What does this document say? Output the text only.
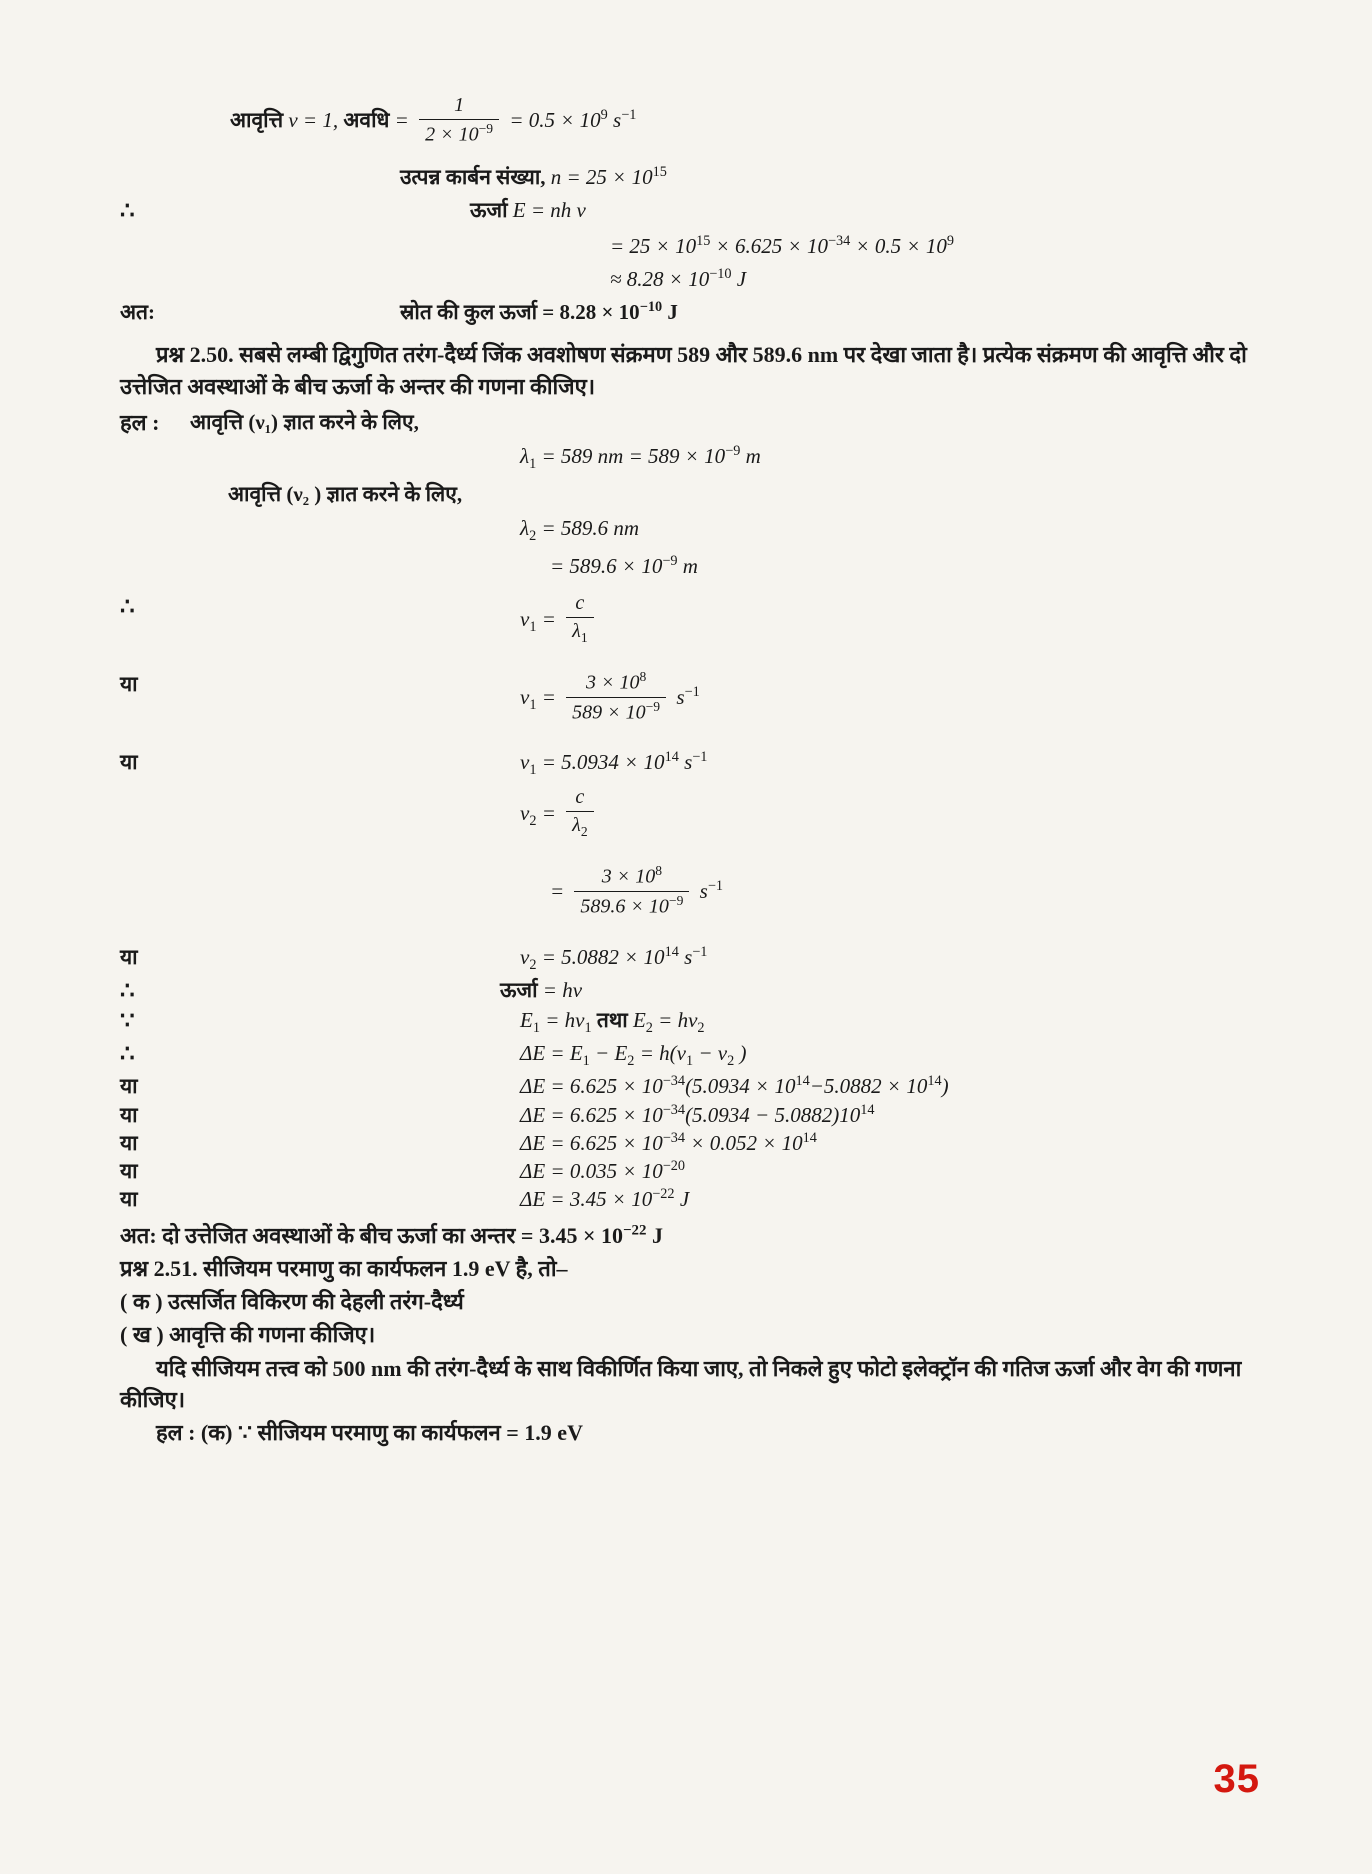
आवृत्ति ν = 1, अवधि = $\frac{1}{2 \times 10^{-9}} = 0.5 \times 10^9$ $s^{-1}$
उत्पन्न कार्बन संख्या, $n = 25 \times 10^{15}$
∴	ऊर्जा E = nh ν
= $25 \times 10^{15} \times 6.625 \times 10^{-34} \times 0.5 \times 10^9$
≈ $8.28 \times 10^{-10}$ J
अत:	स्रोत की कुल ऊर्जा = $8.28 \times 10^{-10}$ J
प्रश्न 2.50. सबसे लम्बी द्विगुणित तरंग-दैर्ध्य जिंक अवशोषण संक्रमण 589 और 589.6 nm पर देखा जाता है। प्रत्येक संक्रमण की आवृत्ति और दो उत्तेजित अवस्थाओं के बीच ऊर्जा के अन्तर की गणना कीजिए।
हल :	आवृत्ति (ν₁) ज्ञात करने के लिए,
$\lambda_1 = 589$ nm = $589 \times 10^{-9}$ m
आवृत्ति (ν₂ ) ज्ञात करने के लिए,
$\lambda_2 = 589.6$ nm
= $589.6 \times 10^{-9}$ m
∴	$\nu_1 = \frac{c}{\lambda_1}$
या
$\nu_1 = \frac{3 \times 10^8}{589 \times 10^{-9}} s^{-1}$
या	$\nu_1 = 5.0934 \times 10^{14}$ $s^{-1}$
$\nu_2 = \frac{c}{\lambda_2}$
= $\frac{3 \times 10^8}{589.6 \times 10^{-9}} s^{-1}$
या	$\nu_2 = 5.0882 \times 10^{14}$ $s^{-1}$
∴	ऊर्जा = hν
∵	$E_1 = h\nu_1$ तथा $E_2 = h\nu_2$
∴	$\Delta E = E_1 - E_2 = h(\nu_1 - \nu_2$ )
या	$\Delta E = 6.625 \times 10^{-34}(5.0934 \times 10^{14}-5.0882 \times 10^{14})$
या	$\Delta E = 6.625 \times 10^{-34}(5.0934 - 5.0882)10^{14}$
या	$\Delta E = 6.625 \times 10^{-34} \times 0.052 \times 10^{14}$
या	$\Delta E = 0.035 \times 10^{-20}$
या	$\Delta E = 3.45 \times 10^{-22}$ J
अत: दो उत्तेजित अवस्थाओं के बीच ऊर्जा का अन्तर = $3.45 \times 10^{-22}$ J
प्रश्न 2.51. सीजियम परमाणु का कार्यफलन 1.9 eV है, तो–
( क ) उत्सर्जित विकिरण की देहली तरंग-दैर्ध्य
( ख ) आवृत्ति की गणना कीजिए।
यदि सीजियम तत्त्व को 500 nm की तरंग-दैर्ध्य के साथ विकीर्णित किया जाए, तो निकले हुए फोटो इलेक्ट्रॉन की गतिज ऊर्जा और वेग की गणना कीजिए।
हल : (क) ∵ सीजियम परमाणु का कार्यफलन = 1.9 eV
35
